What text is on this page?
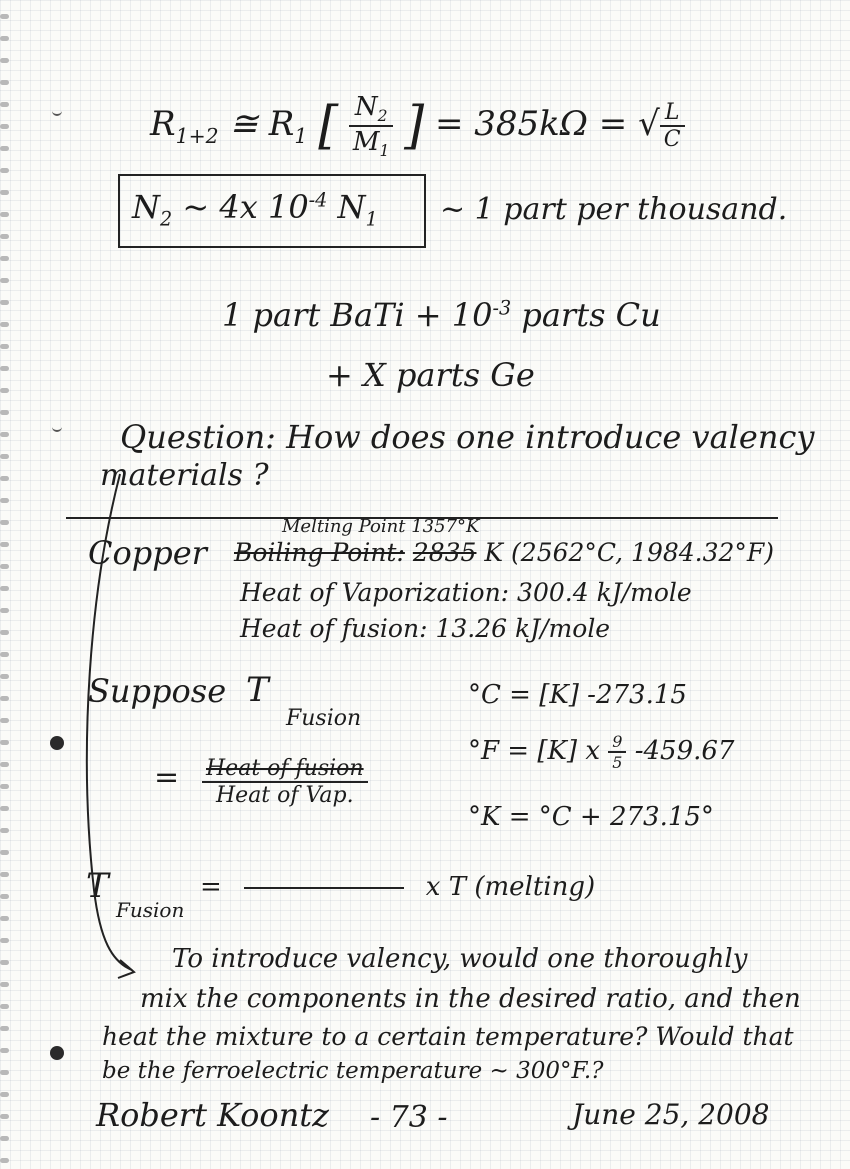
$R_{1+2}$ ≅ $R_1$ [ $\frac{N_2}{M_1}$ ] = 385kΩ = √ $\frac{L}{C}$
$N_2$ ~ 4x $10^{-4}$ $N_1$ ~ 1 part per thousand.
1 part BaTi + $10^{-3}$ parts Cu
+ X parts Ge
Question: How does one introduce valency
materials ?
Copper
Melting Point 1357°K
Boiling Point: 2835 K (2562°C, 1984.32°F)
Heat of Vaporization: 300.4 kJ/mole
Heat of fusion: 13.26 kJ/mole
Suppose T
Fusion
= $\frac{\text{Heat of fusion}}{\text{Heat of Vap.}}$
°C = [K] -273.15
°F = [K] x $\frac{9}{5} -459.67$
°K = °C + 273.15°
T
Fusion
=	x T (melting)
To introduce valency, would one thoroughly
mix the components in the desired ratio, and then
heat the mixture to a certain temperature? Would that
be the ferroelectric temperature ~ 300°F.?
Robert Koontz - 73 -	June 25, 2008
